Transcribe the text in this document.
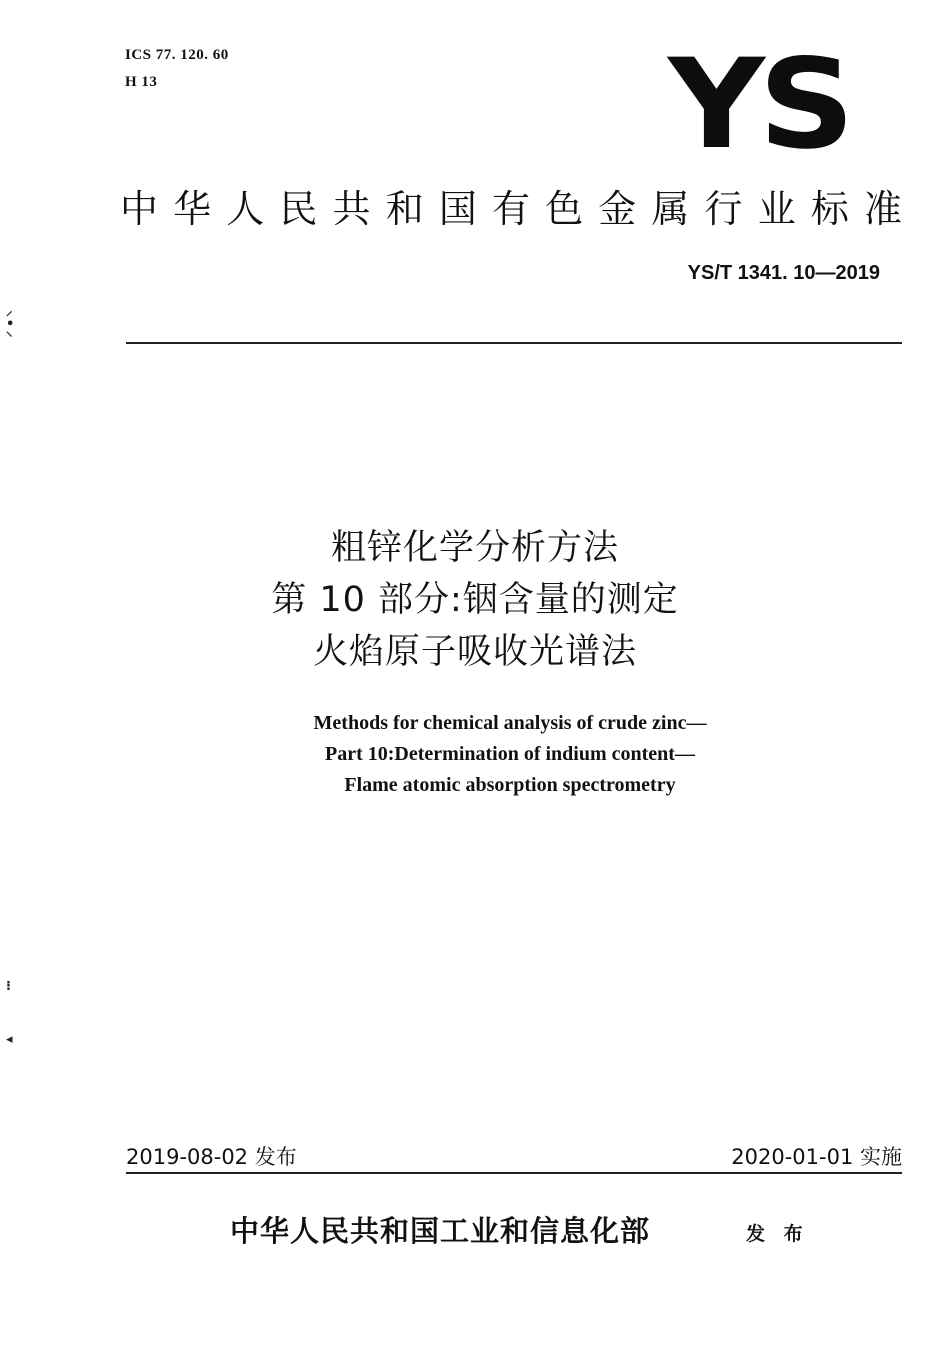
ICS 77. 120. 60
H 13	YS
中华人民共和国有色金属行业标准
YS/T 1341. 10—2019
⸝
•
⸌
⁝
◂
粗锌化学分析方法
第 10 部分:铟含量的测定
火焰原子吸收光谱法
Methods for chemical analysis of crude zinc—
Part 10:Determination of indium content—
Flame atomic absorption spectrometry
2019-08-02 发布	2020-01-01 实施
中华人民共和国工业和信息化部	发 布
